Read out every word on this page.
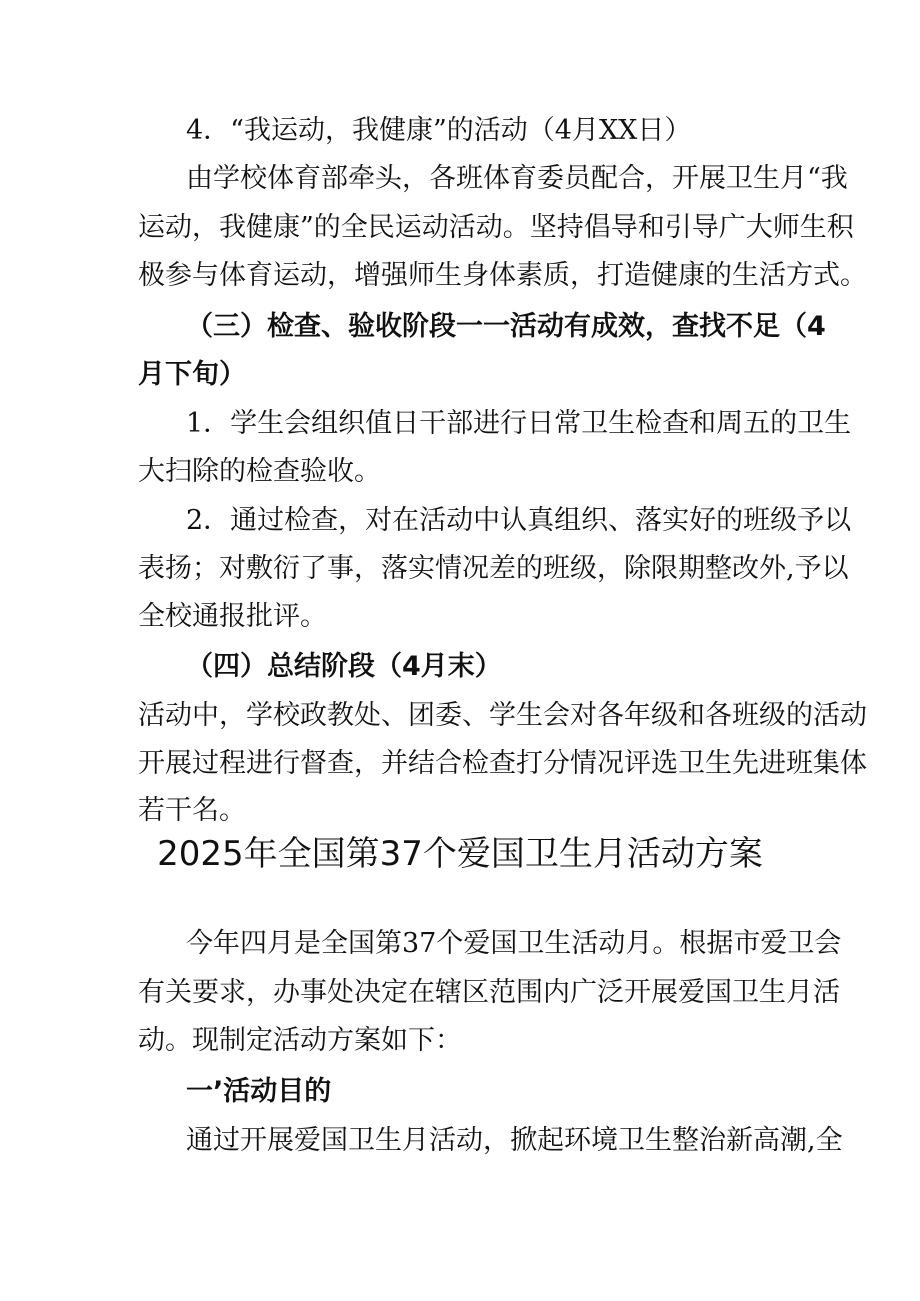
4．“我运动，我健康”的活动（4月XX日）
由学校体育部牵头，各班体育委员配合，开展卫生月“我
运动，我健康”的全民运动活动。坚持倡导和引导广大师生积
极参与体育运动，增强师生身体素质，打造健康的生活方式。
（三）检查、验收阶段一一活动有成效，查找不足（4
月下旬）
1．学生会组织值日干部进行日常卫生检查和周五的卫生
大扫除的检查验收。
2．通过检查，对在活动中认真组织、落实好的班级予以
表扬；对敷衍了事，落实情况差的班级，除限期整改外,予以
全校通报批评。
（四）总结阶段（4月末）
活动中，学校政教处、团委、学生会对各年级和各班级的活动
开展过程进行督查，并结合检查打分情况评选卫生先进班集体
若干名。
2025年全国第37个爱国卫生月活动方案
今年四月是全国第37个爱国卫生活动月。根据市爱卫会
有关要求，办事处决定在辖区范围内广泛开展爱国卫生月活
动。现制定活动方案如下：
一’活动目的
通过开展爱国卫生月活动，掀起环境卫生整治新高潮,全
